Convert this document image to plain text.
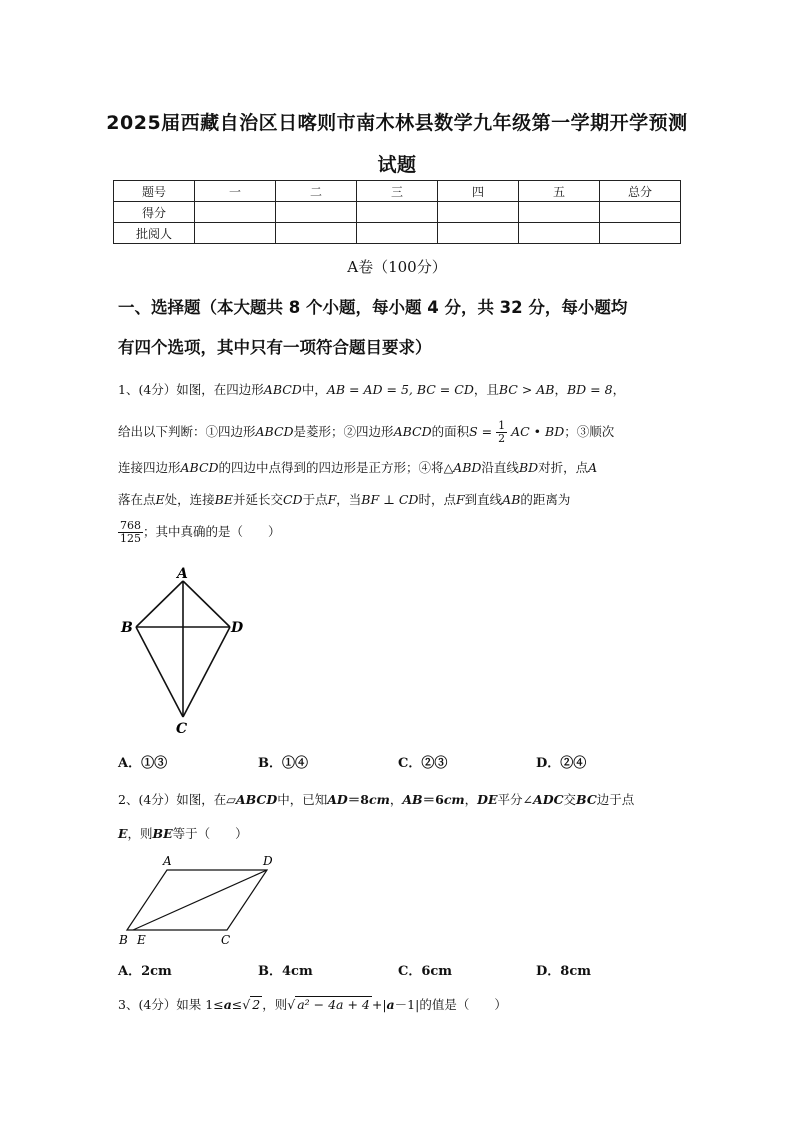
2025届西藏自治区日喀则市南木林县数学九年级第一学期开学预测
试题
题号	一	二	三	四	五	总分
得分						
批阅人						
A卷（100分）
一、选择题（本大题共 8 个小题，每小题 4 分，共 32 分，每小题均
有四个选项，其中只有一项符合题目要求）
1、(4分）如图，在四边形ABCD中，AB = AD = 5, BC = CD，且BC > AB，BD = 8，
给出以下判断：①四边形ABCD是菱形；②四边形ABCD的面积$S = \frac{1}{2}$ AC • BD；③顺次
连接四边形ABCD的四边中点得到的四边形是正方形；④将△ABD沿直线BD对折，点A
落在点E处，连接BE并延长交CD于点F，当BF ⊥ CD时，点F到直线AB的距离为
$\frac{768}{125}$ ；其中真确的是（　　）
A
B
C
D
A．①③	B．①④	C．②③	D．②④
2、(4分）如图，在▱ABCD中，已知AD＝8cm，AB＝6cm，DE平分∠ADC交BC边于点
E，则BE等于（　　）
A	D
B E	C
A．2cm	B．4cm	C．6cm	D．8cm
3、(4分）如果 1≤a≤√ 2 ，则√ a² − 4a + 4 +|a－1|的值是（　　）
